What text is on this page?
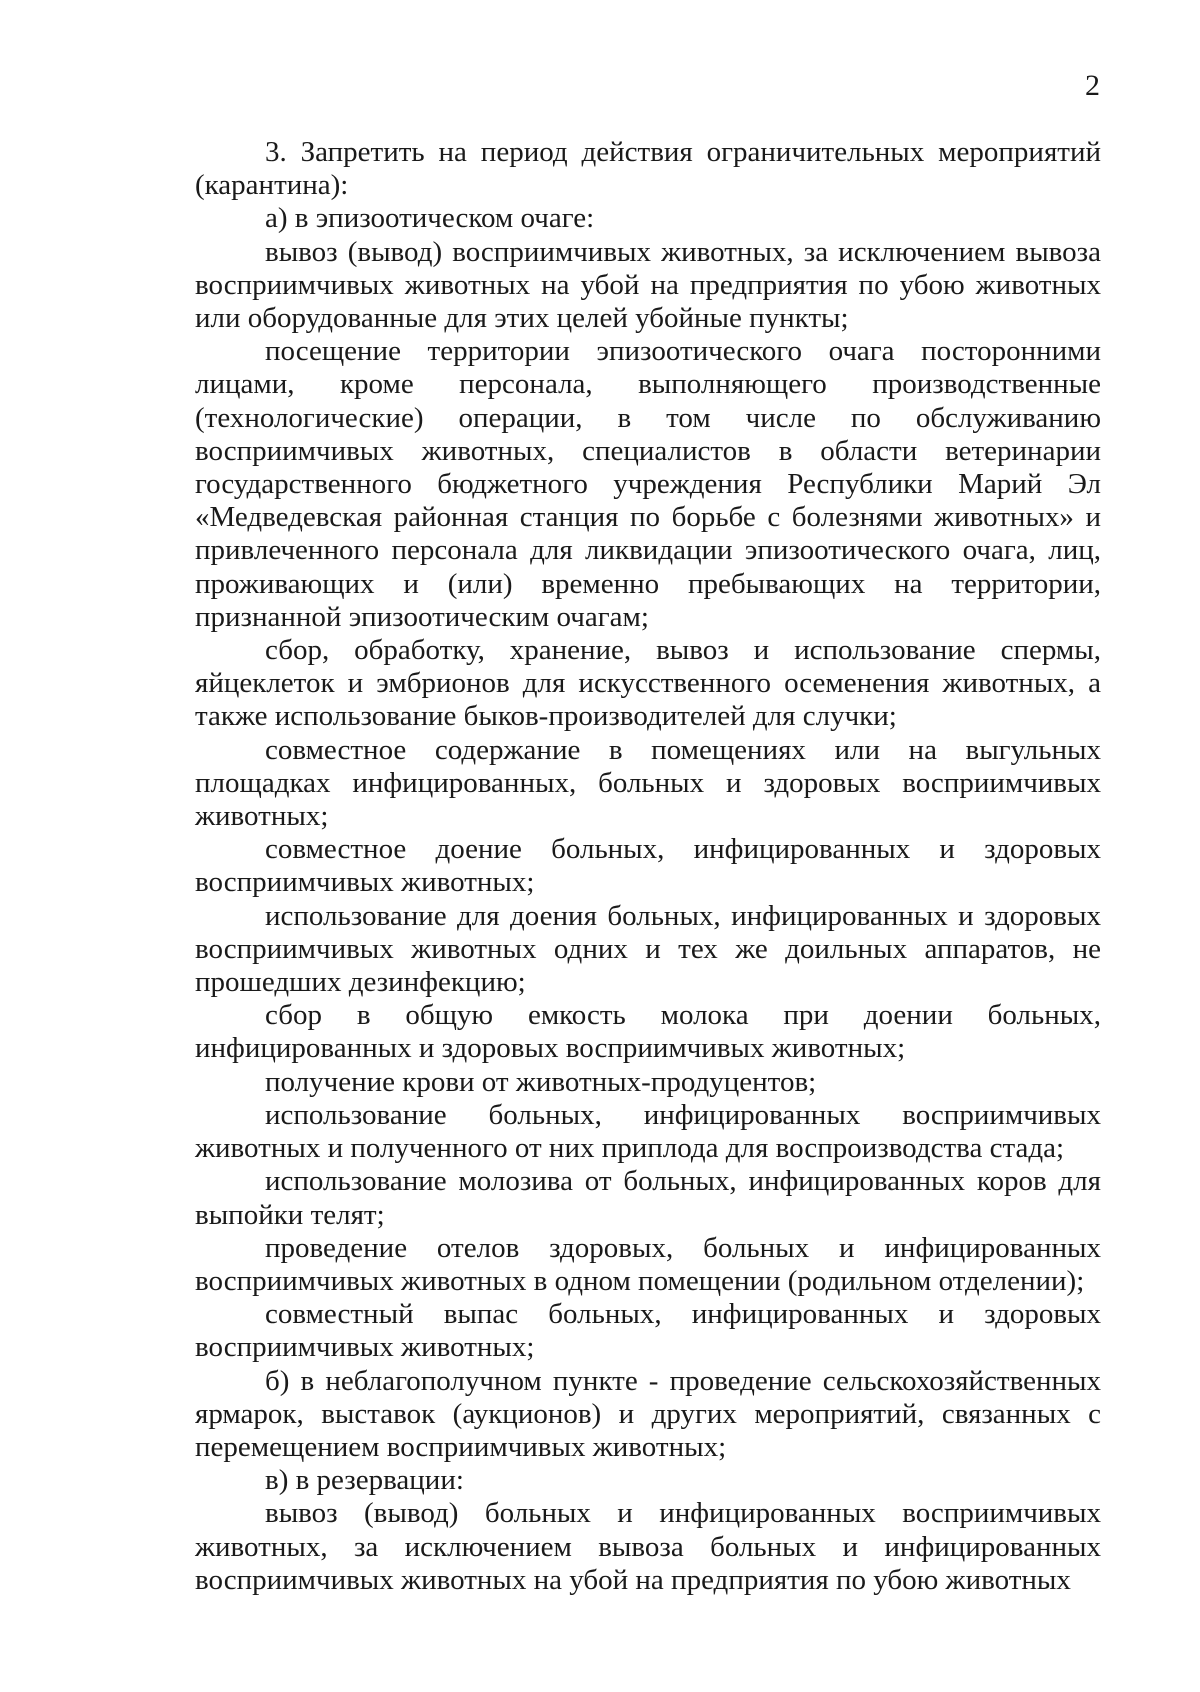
2

3. Запретить на период действия ограничительных мероприятий (карантина):

а) в эпизоотическом очаге:

вывоз (вывод) восприимчивых животных, за исключением вывоза восприимчивых животных на убой на предприятия по убою животных или оборудованные для этих целей убойные пункты;

посещение территории эпизоотического очага посторонними лицами, кроме персонала, выполняющего производственные (технологические) операции, в том числе по обслуживанию восприимчивых животных, специалистов в области ветеринарии государственного бюджетного учреждения Республики Марий Эл «Медведевская районная станция по борьбе с болезнями животных» и привлеченного персонала для ликвидации эпизоотического очага, лиц, проживающих и (или) временно пребывающих на территории, признанной эпизоотическим очагам;

сбор, обработку, хранение, вывоз и использование спермы, яйцеклеток и эмбрионов для искусственного осеменения животных, а также использование быков-производителей для случки;

совместное содержание в помещениях или на выгульных площадках инфицированных, больных и здоровых восприимчивых животных;

совместное доение больных, инфицированных и здоровых восприимчивых животных;

использование для доения больных, инфицированных и здоровых восприимчивых животных одних и тех же доильных аппаратов, не прошедших дезинфекцию;

сбор в общую емкость молока при доении больных, инфицированных и здоровых восприимчивых животных;

получение крови от животных-продуцентов;

использование больных, инфицированных восприимчивых животных и полученного от них приплода для воспроизводства стада;

использование молозива от больных, инфицированных коров для выпойки телят;

проведение отелов здоровых, больных и инфицированных восприимчивых животных в одном помещении (родильном отделении);

совместный выпас больных, инфицированных и здоровых восприимчивых животных;

б) в неблагополучном пункте - проведение сельскохозяйственных ярмарок, выставок (аукционов) и других мероприятий, связанных с перемещением восприимчивых животных;

в) в резервации:

вывоз (вывод) больных и инфицированных восприимчивых животных, за исключением вывоза больных и инфицированных восприимчивых животных на убой на предприятия по убою животных
